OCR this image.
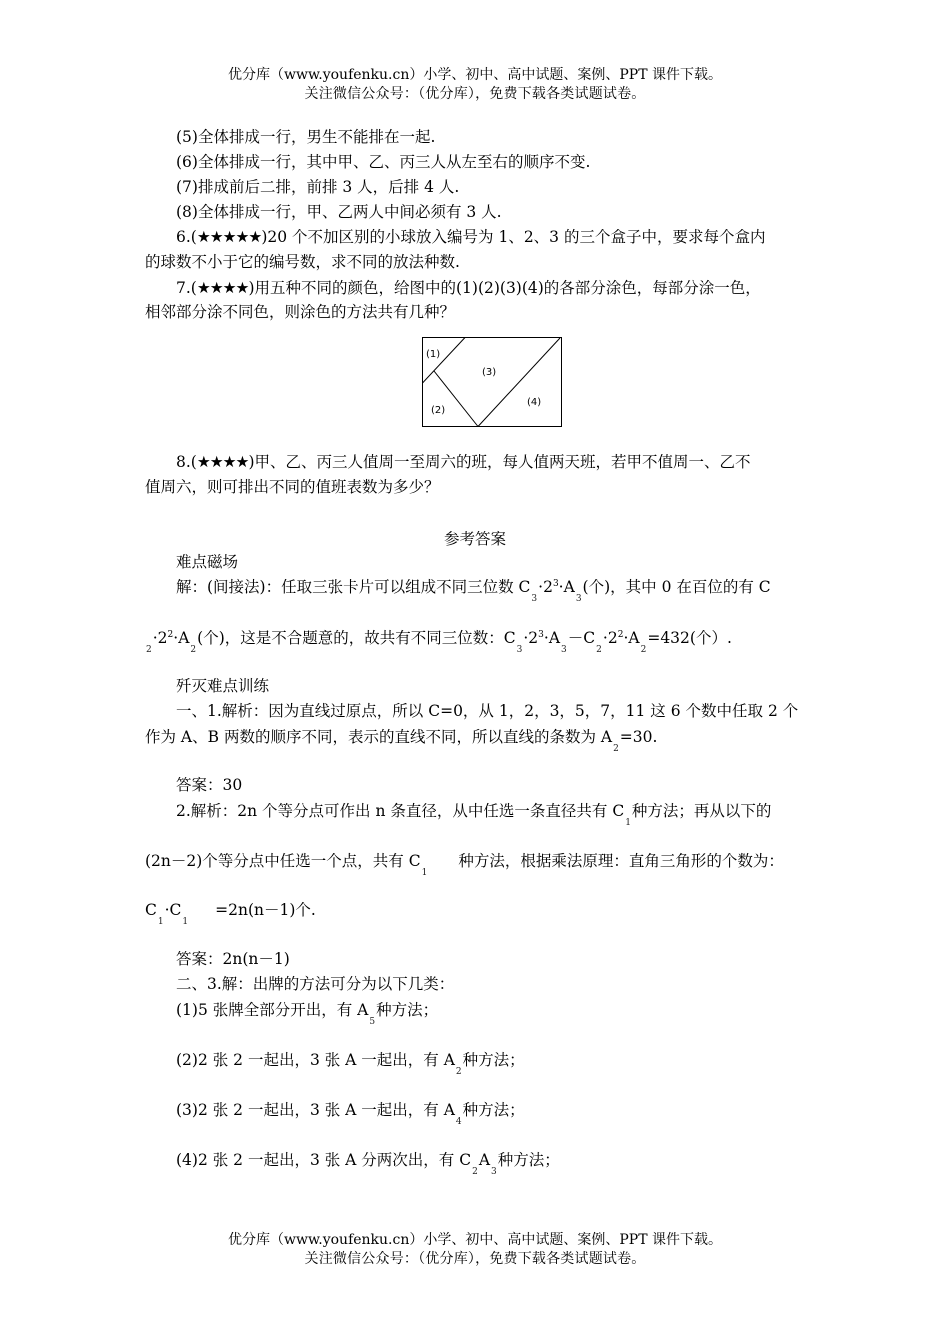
优分库（www.youfenku.cn）小学、初中、高中试题、案例、PPT 课件下载。
关注微信公众号：（优分库），免费下载各类试题试卷。
(5)全体排成一行，男生不能排在一起.
(6)全体排成一行，其中甲、乙、丙三人从左至右的顺序不变.
(7)排成前后二排，前排 3 人，后排 4 人.
(8)全体排成一行，甲、乙两人中间必须有 3 人.
6.(★★★★★)20 个不加区别的小球放入编号为 1、2、3 的三个盒子中，要求每个盒内
的球数不小于它的编号数，求不同的放法种数.
7.(★★★★)用五种不同的颜色，给图中的(1)(2)(3)(4)的各部分涂色，每部分涂一色，
相邻部分涂不同色，则涂色的方法共有几种？
(1)
(2)
(3)
(4)
8.(★★★★)甲、乙、丙三人值周一至周六的班，每人值两天班，若甲不值周一、乙不
值周六，则可排出不同的值班表数为多少？
参考答案
难点磁场
解：(间接法)：任取三张卡片可以组成不同三位数 $C_3\cdot 2^3\cdot A_3$(个)，其中 0 在百位的有 C
$_2\cdot 2^2\cdot A_2$(个)，这是不合题意的，故共有不同三位数：$C_3\cdot 2^3\cdot A_3-C_2\cdot 2^2\cdot A_2=432$(个）.
歼灭难点训练
一、1.解析：因为直线过原点，所以 C=0，从 1，2，3，5，7，11 这 6 个数中任取 2 个
作为 A、B 两数的顺序不同，表示的直线不同，所以直线的条数为 $A_2=30$.
答案：30
2.解析：2n 个等分点可作出 n 条直径，从中任选一条直径共有 $C_1$种方法；再从以下的
(2n－2)个等分点中任选一个点，共有 $C_1$种方法，根据乘法原理：直角三角形的个数为：
$C_1\cdot C_1=2n(n-1)$个.
答案：2n(n－1)
二、3.解：出牌的方法可分为以下几类：
(1)5 张牌全部分开出，有 $A_5$种方法；
(2)2 张 2 一起出，3 张 A 一起出，有 $A_2$种方法；
(3)2 张 2 一起出，3 张 A 一起出，有 $A_4$种方法；
(4)2 张 2 一起出，3 张 A 分两次出，有 $C_2A_3$种方法；
优分库（www.youfenku.cn）小学、初中、高中试题、案例、PPT 课件下载。
关注微信公众号：（优分库），免费下载各类试题试卷。
